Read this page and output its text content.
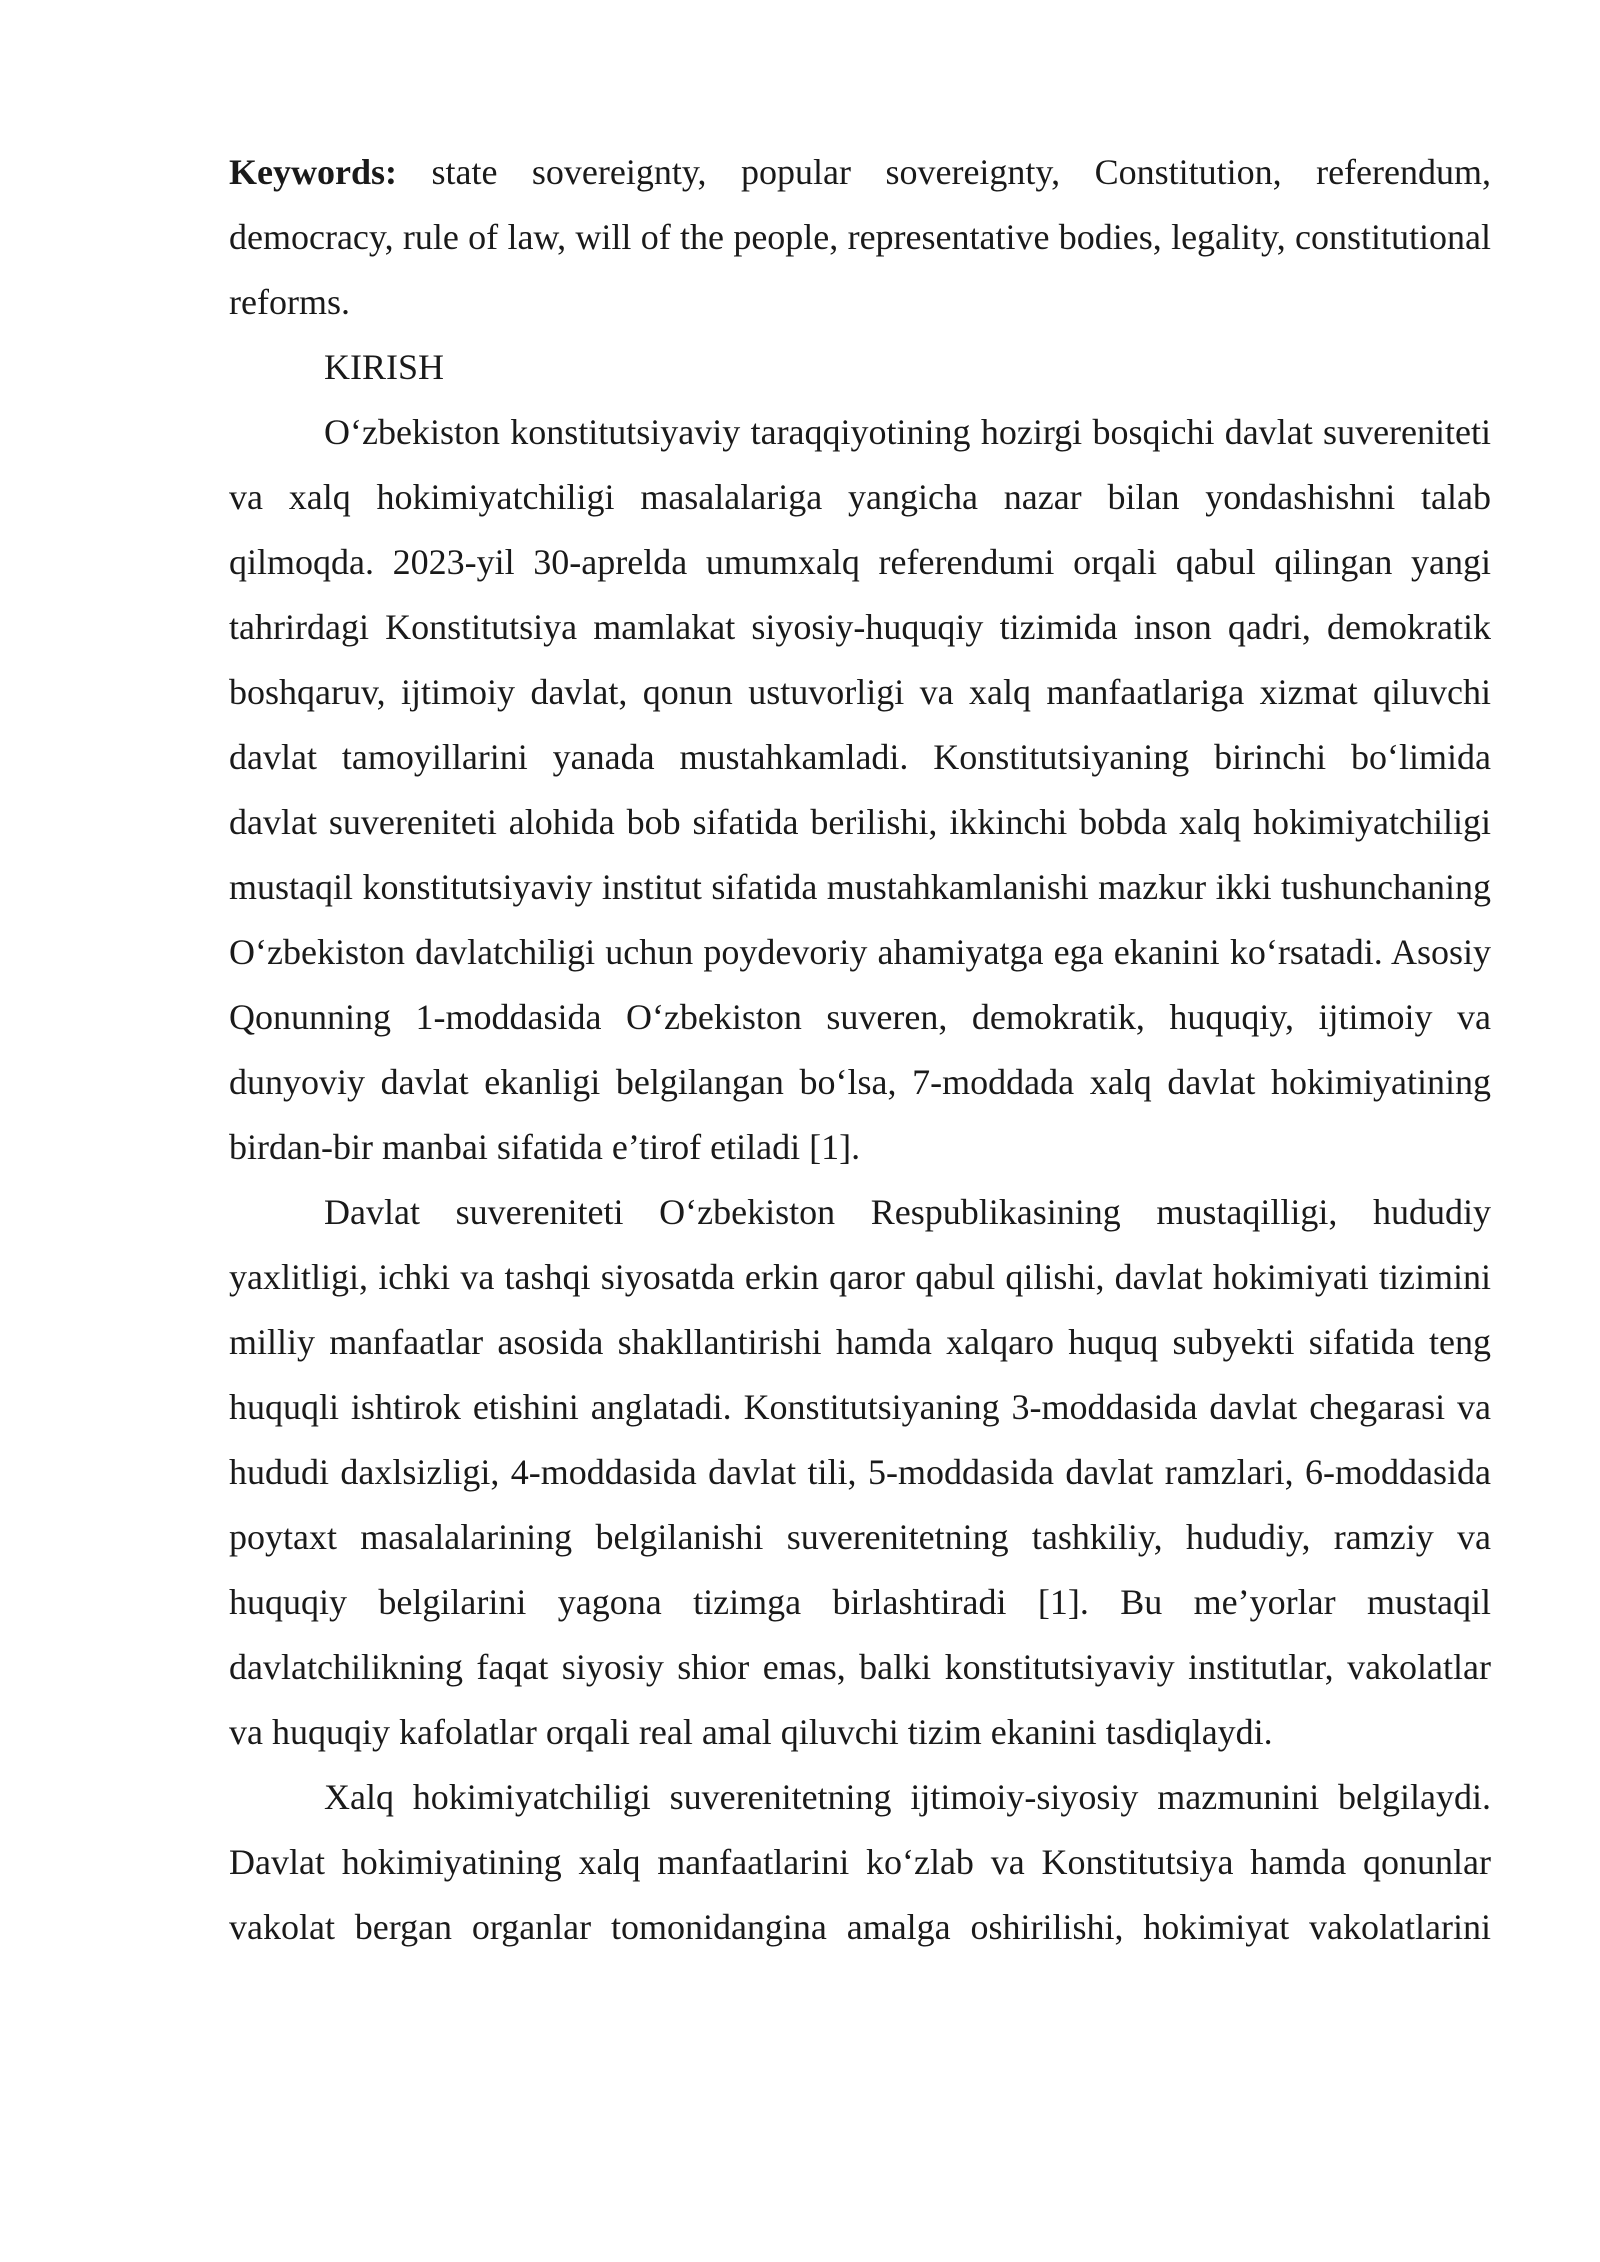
Keywords: state sovereignty, popular sovereignty, Constitution, referendum, democracy, rule of law, will of the people, representative bodies, legality, constitutional reforms.

KIRISH

O‘zbekiston konstitutsiyaviy taraqqiyotining hozirgi bosqichi davlat suvereniteti va xalq hokimiyatchiligi masalalariga yangicha nazar bilan yondashishni talab qilmoqda. 2023-yil 30-aprelda umumxalq referendumi orqali qabul qilingan yangi tahrirdagi Konstitutsiya mamlakat siyosiy-huquqiy tizimida inson qadri, demokratik boshqaruv, ijtimoiy davlat, qonun ustuvorligi va xalq manfaatlariga xizmat qiluvchi davlat tamoyillarini yanada mustahkamladi. Konstitutsiyaning birinchi bo‘limida davlat suvereniteti alohida bob sifatida berilishi, ikkinchi bobda xalq hokimiyatchiligi mustaqil konstitutsiyaviy institut sifatida mustahkamlanishi mazkur ikki tushunchaning O‘zbekiston davlatchiligi uchun poydevoriy ahamiyatga ega ekanini ko‘rsatadi. Asosiy Qonunning 1-moddasida O‘zbekiston suveren, demokratik, huquqiy, ijtimoiy va dunyoviy davlat ekanligi belgilangan bo‘lsa, 7-moddada xalq davlat hokimiyatining birdan-bir manbai sifatida e’tirof etiladi [1].

Davlat suvereniteti O‘zbekiston Respublikasining mustaqilligi, hududiy yaxlitligi, ichki va tashqi siyosatda erkin qaror qabul qilishi, davlat hokimiyati tizimini milliy manfaatlar asosida shakllantirishi hamda xalqaro huquq subyekti sifatida teng huquqli ishtirok etishini anglatadi. Konstitutsiyaning 3-moddasida davlat chegarasi va hududi daxlsizligi, 4-moddasida davlat tili, 5-moddasida davlat ramzlari, 6-moddasida poytaxt masalalarining belgilanishi suverenitetning tashkiliy, hududiy, ramziy va huquqiy belgilarini yagona tizimga birlashtiradi [1]. Bu me’yorlar mustaqil davlatchilikning faqat siyosiy shior emas, balki konstitutsiyaviy institutlar, vakolatlar va huquqiy kafolatlar orqali real amal qiluvchi tizim ekanini tasdiqlaydi.

Xalq hokimiyatchiligi suverenitetning ijtimoiy-siyosiy mazmunini belgilaydi. Davlat hokimiyatining xalq manfaatlarini ko‘zlab va Konstitutsiya hamda qonunlar vakolat bergan organlar tomonidangina amalga oshirilishi, hokimiyat vakolatlarini
